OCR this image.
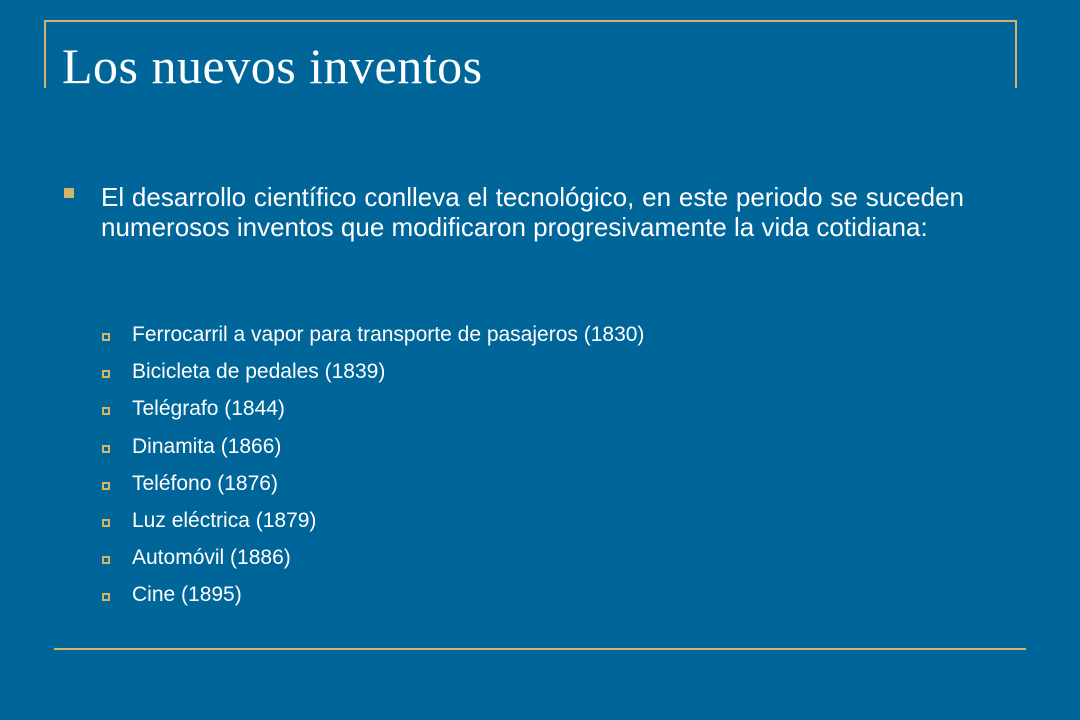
Los nuevos inventos
El desarrollo científico conlleva el tecnológico, en este periodo se suceden numerosos inventos que modificaron progresivamente la vida cotidiana:
Ferrocarril a vapor para transporte de pasajeros (1830)
Bicicleta de pedales (1839)
Telégrafo (1844)
Dinamita (1866)
Teléfono (1876)
Luz eléctrica (1879)
Automóvil (1886)
Cine (1895)
